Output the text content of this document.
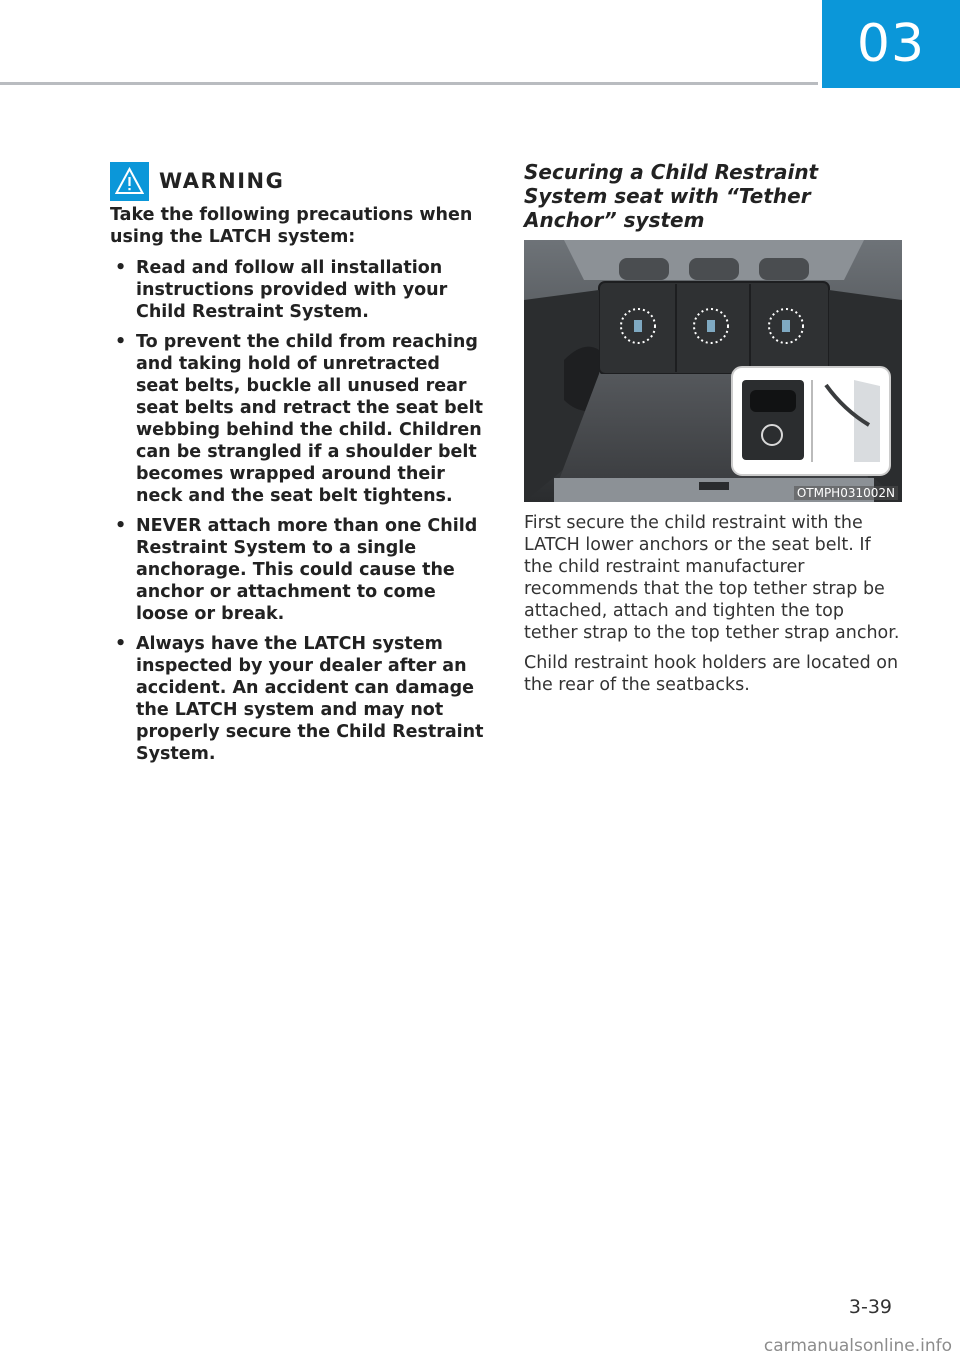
03
WARNING
Take the following precautions when using the LATCH system:
• Read and follow all installation instructions provided with your Child Restraint System.
• To prevent the child from reaching and taking hold of unretracted seat belts, buckle all unused rear seat belts and retract the seat belt webbing behind the child. Children can be strangled if a shoulder belt becomes wrapped around their neck and the seat belt tightens.
• NEVER attach more than one Child Restraint System to a single anchorage. This could cause the anchor or attachment to come loose or break.
• Always have the LATCH system inspected by your dealer after an accident. An accident can damage the LATCH system and may not properly secure the Child Restraint System.
Securing a Child Restraint System seat with “Tether Anchor” system
OTMPH031002N

First secure the child restraint with the LATCH lower anchors or the seat belt. If the child restraint manufacturer recommends that the top tether strap be attached, attach and tighten the top tether strap to the top tether strap anchor.

Child restraint hook holders are located on the rear of the seatbacks.

3-39
carmanualsonline.info
